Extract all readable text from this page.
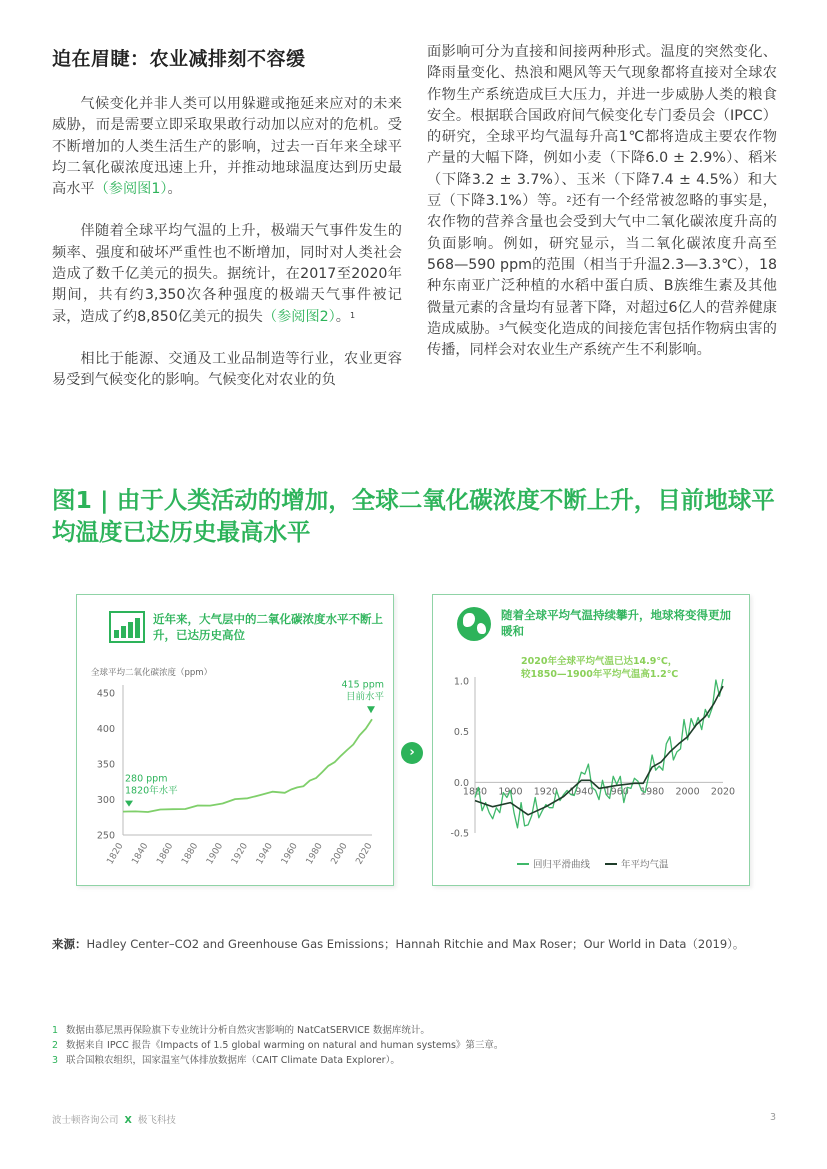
迫在眉睫：农业减排刻不容缓

气候变化并非人类可以用躲避或拖延来应对的未来威胁，而是需要立即采取果敢行动加以应对的危机。受不断增加的人类生活生产的影响，过去一百年来全球平均二氧化碳浓度迅速上升，并推动地球温度达到历史最高水平（参阅图1）。

伴随着全球平均气温的上升，极端天气事件发生的频率、强度和破坏严重性也不断增加，同时对人类社会造成了数千亿美元的损失。据统计，在2017至2020年期间，共有约3,350次各种强度的极端天气事件被记录，造成了约8,850亿美元的损失（参阅图2）。$^1$

相比于能源、交通及工业品制造等行业，农业更容易受到气候变化的影响。气候变化对农业的负

面影响可分为直接和间接两种形式。温度的突然变化、降雨量变化、热浪和飓风等天气现象都将直接对全球农作物生产系统造成巨大压力，并进一步威胁人类的粮食安全。根据联合国政府间气候变化专门委员会（IPCC）的研究，全球平均气温每升高1℃都将造成主要农作物产量的大幅下降，例如小麦（下降6.0 ± 2.9%）、稻米（下降3.2 ± 3.7%）、玉米（下降7.4 ± 4.5%）和大豆（下降3.1%）等。$^2$还有一个经常被忽略的事实是，农作物的营养含量也会受到大气中二氧化碳浓度升高的负面影响。例如，研究显示，当二氧化碳浓度升高至568—590 ppm的范围（相当于升温2.3—3.3℃），18种东南亚广泛种植的水稻中蛋白质、B族维生素及其他微量元素的含量均有显著下降，对超过6亿人的营养健康造成威胁。$^3$气候变化造成的间接危害包括作物病虫害的传播，同样会对农业生产系统产生不利影响。

图1 | 由于人类活动的增加，全球二氧化碳浓度不断上升，目前地球平均温度已达历史最高水平
近年来，大气层中的二氧化碳浓度水平不断上升，已达历史高位
全球平均二氧化碳浓度（ppm）
250
300
350
400
450
1820 1840 1860 1880 1900 1920 1940 1960 1980 2000 2020
280 ppm
1820年水平
415 ppm
目前水平
›
随着全球平均气温持续攀升，地球将变得更加暖和
2020年全球平均气温已达14.9℃，
较1850—1900年平均气温高1.2℃
1.0
0.5
0.0
-0.5
1880 1900 1920 1940 1960 1980 2000 2020
回归平滑曲线	年平均气温
来源：Hadley Center–CO2 and Greenhouse Gas Emissions；Hannah Ritchie and Max Roser；Our World in Data（2019）。
1 数据由慕尼黑再保险旗下专业统计分析自然灾害影响的 NatCatSERVICE 数据库统计。
2 数据来自 IPCC 报告《Impacts of 1.5 global warming on natural and human systems》第三章。
3 联合国粮农组织，国家温室气体排放数据库（CAIT Climate Data Explorer）。
波士顿咨询公司 X 极飞科技	3
